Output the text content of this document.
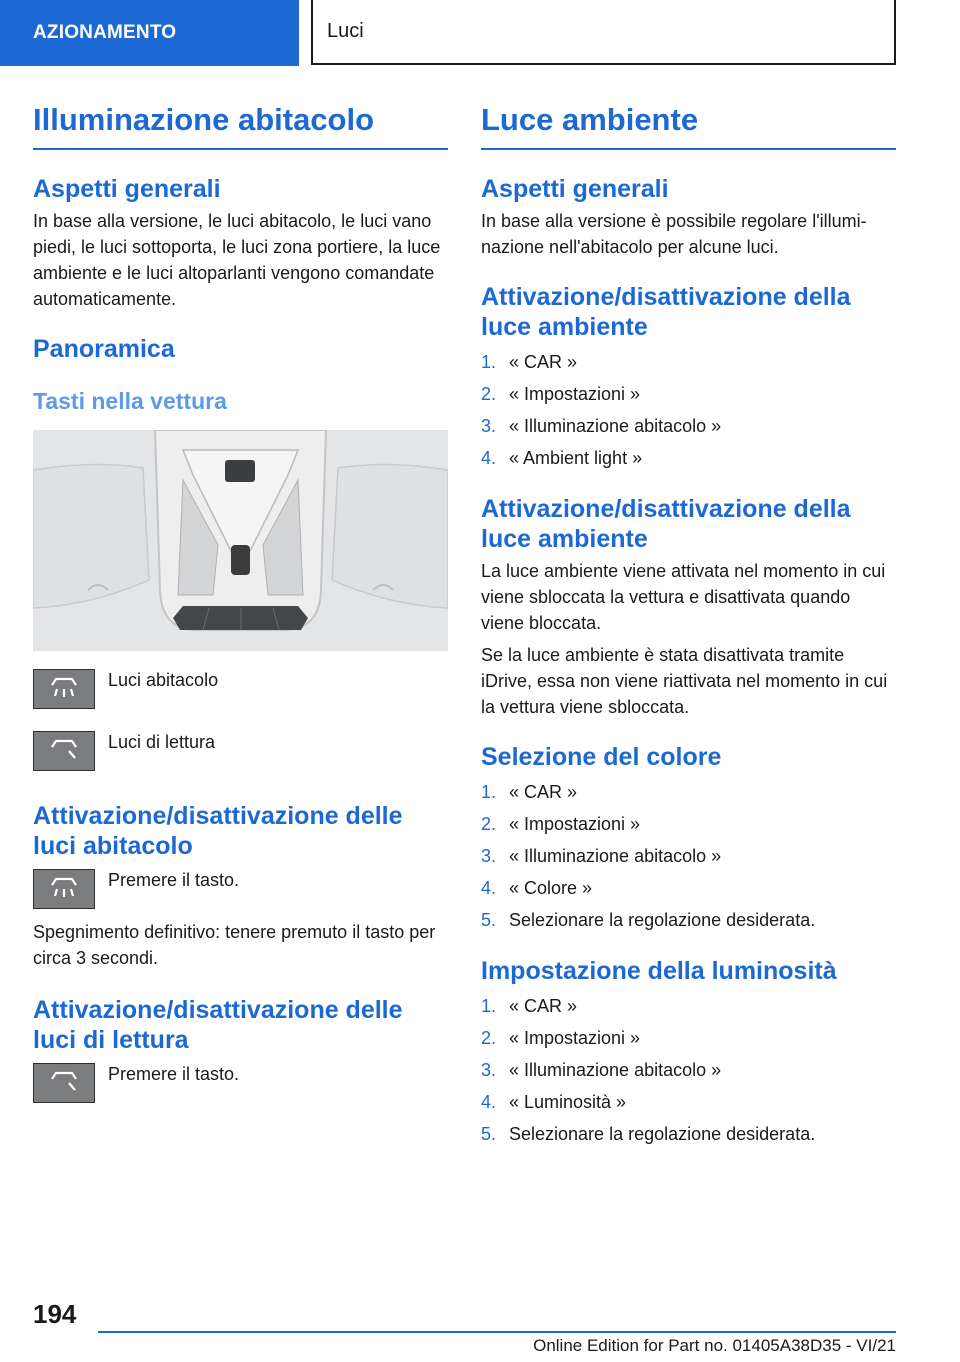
AZIONAMENTO	Luci
Illuminazione abitacolo
Aspetti generali

In base alla versione, le luci abitacolo, le luci vano piedi, le luci sottoporta, le luci zona portiere, la luce ambiente e le luci altoparlanti vengono comandate automaticamente.

Panoramica
Tasti nella vettura
Luci abitacolo
Luci di lettura
Attivazione/disattivazione delle luci abitacolo
Premere il tasto.

Spegnimento definitivo: tenere premuto il tasto per circa 3 secondi.

Attivazione/disattivazione delle luci di lettura
Premere il tasto.
Luce ambiente
Aspetti generali

In base alla versione è possibile regolare l'illuminazione nell'abitacolo per alcune luci.

Attivazione/disattivazione della luce ambiente
1. « CAR »
2. « Impostazioni »
3. « Illuminazione abitacolo »
4. « Ambient light »
Attivazione/disattivazione della luce ambiente

La luce ambiente viene attivata nel momento in cui viene sbloccata la vettura e disattivata quando viene bloccata.

Se la luce ambiente è stata disattivata tramite iDrive, essa non viene riattivata nel momento in cui la vettura viene sbloccata.

Selezione del colore
1. « CAR »
2. « Impostazioni »
3. « Illuminazione abitacolo »
4. « Colore »
5. Selezionare la regolazione desiderata.
Impostazione della luminosità
1. « CAR »
2. « Impostazioni »
3. « Illuminazione abitacolo »
4. « Luminosità »
5. Selezionare la regolazione desiderata.
194
Online Edition for Part no. 01405A38D35 - VI/21
